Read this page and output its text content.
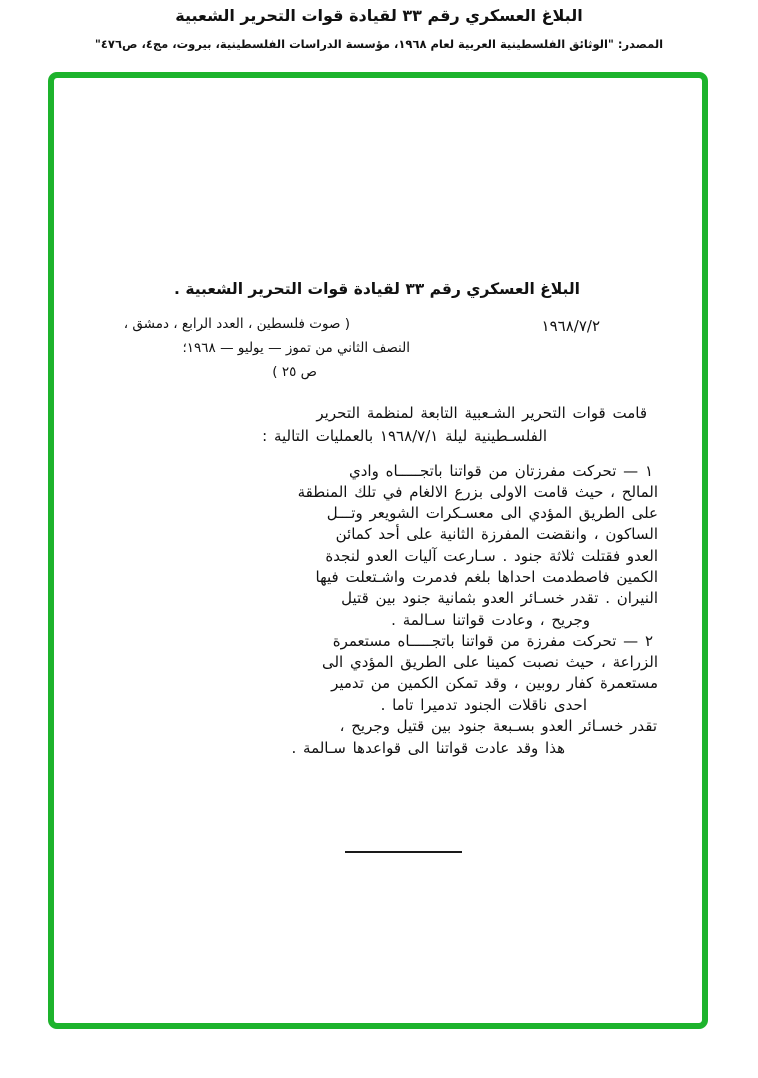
البلاغ العسكري رقم ٣٣ لقيادة قوات التحرير الشعبية
المصدر: "الوثائق الفلسطينية العربية لعام ١٩٦٨، مؤسسة الدراسات الفلسطينية، بيروت، مج٤، ص٤٧٦"
البلاغ العسكري رقم ٣٣ لقيادة قوات التحرير الشعبية .
١٩٦٨/٧/٢
( صوت فلسطين ، العدد الرابع ، دمشق ،
النصف الثاني من تموز — يوليو — ١٩٦٨؛
ص ٢٥ )
قامت قوات التحرير الشـعبية التابعة لمنظمة التحرير
الفلسـطينية ليلة ١٩٦٨/٧/١ بالعمليات التالية :
١ — تحركت مفرزتان من قواتنا باتجـــــاه وادي
المالح ، حيث قامت الاولى بزرع الالغام في تلك المنطقة
على الطريق المؤدي الى معسـكرات الشويعر وتـــل
الساكون ، وانقضت المفرزة الثانية على أحد كمائن
العدو فقتلت ثلاثة جنود . سـارعت آليات العدو لنجدة
الكمين فاصطدمت احداها بلغم فدمرت واشـتعلت فيها
النيران . تقدر خسـائر العدو بثمانية جنود بين قتيل
وجريح ، وعادت قواتنا سـالمة .
٢ — تحركت مفرزة من قواتنا باتجـــــاه مستعمرة
الزراعة ، حيث نصبت كمينا على الطريق المؤدي الى
مستعمرة كفار روبين ، وقد تمكن الكمين من تدمير
احدى ناقلات الجنود تدميرا تاما .
تقدر خسـائر العدو بسـبعة جنود بين قتيل وجريح ،
هذا وقد عادت قواتنا الى قواعدها سـالمة .
